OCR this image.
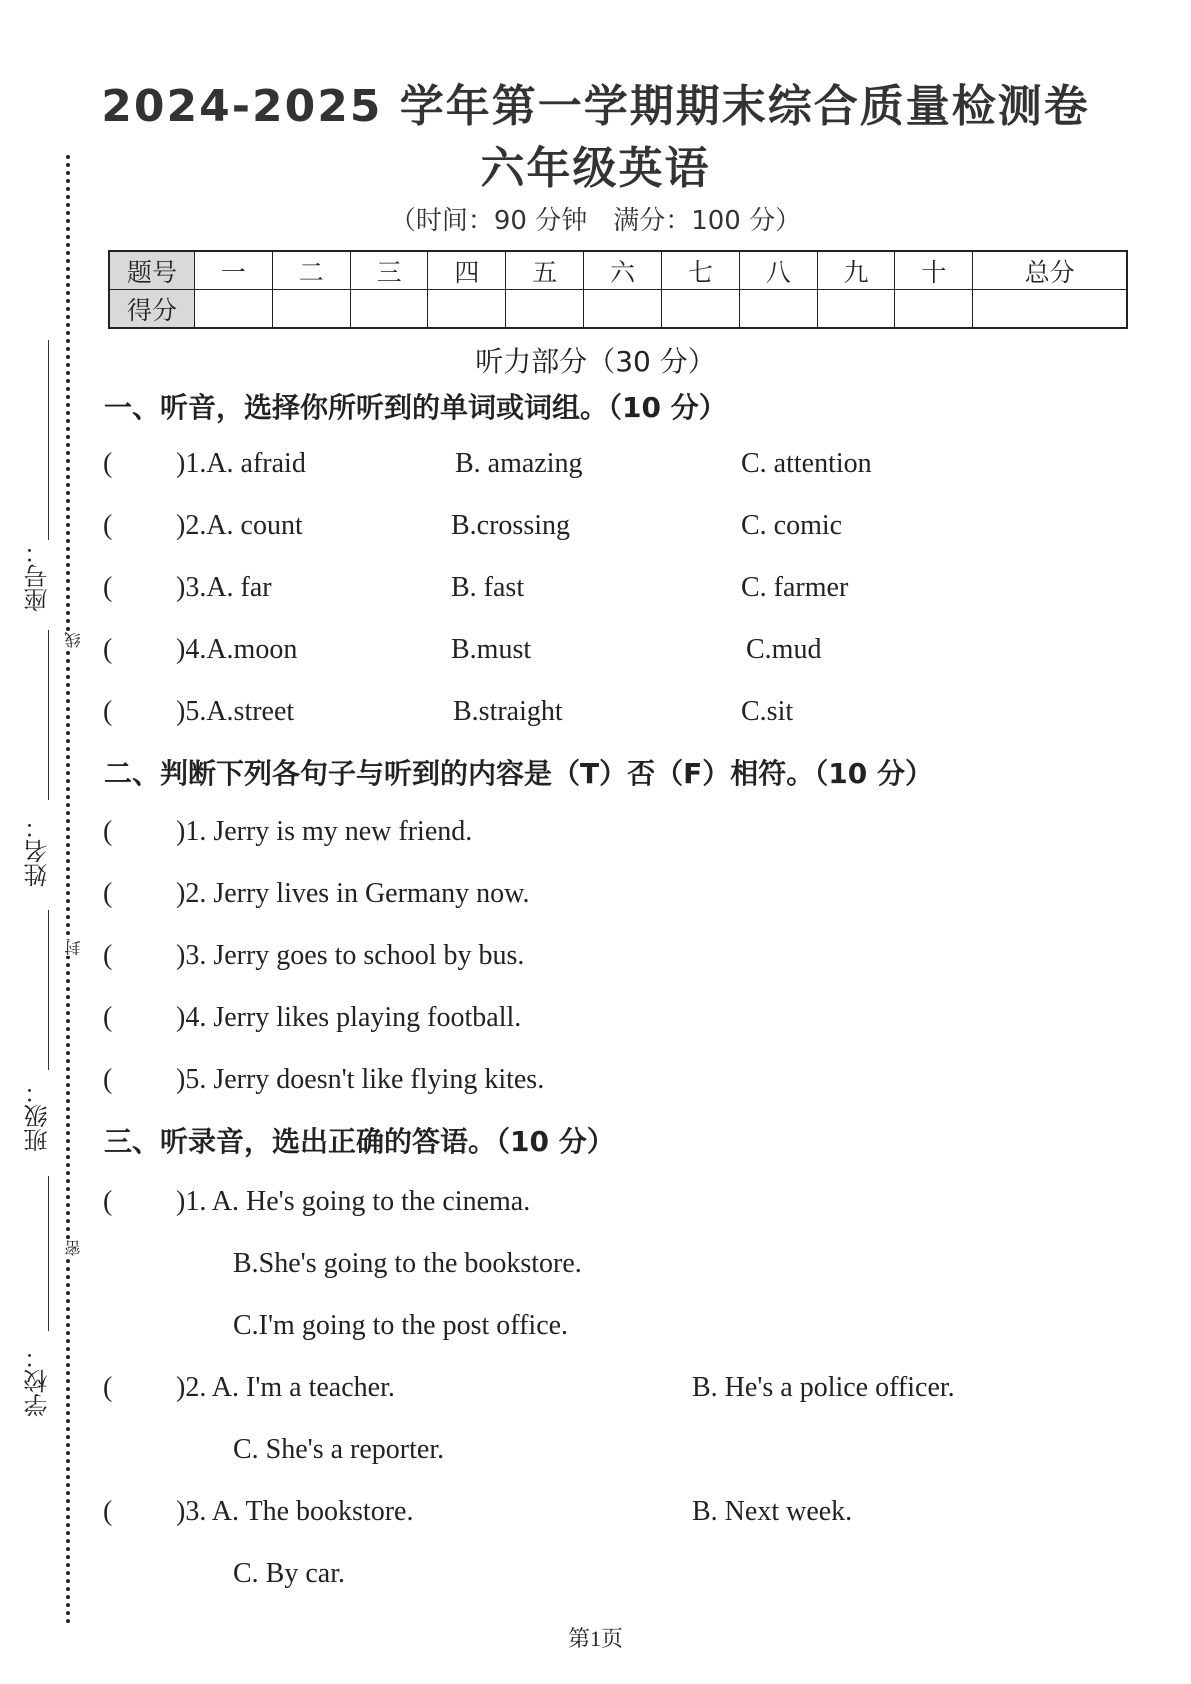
座号：
线
姓名：
封
班级：
密
学校：
2024-2025 学年第一学期期末综合质量检测卷
六年级英语
（时间：90 分钟　满分：100 分）
题号	一	二	三	四	五	六	七	八	九	十	总分
得分											
听力部分（30 分）
一、听音，选择你所听到的单词或词组。（10 分）
( )1.A. afraid	B. amazing	C. attention
( )2.A. count	B.crossing	C. comic
( )3.A. far	B. fast	C. farmer
( )4.A.moon	B.must	C.mud
( )5.A.street	B.straight	C.sit
二、判断下列各句子与听到的内容是（T）否（F）相符。（10 分）
( )1. Jerry is my new friend.
( )2. Jerry lives in Germany now.
( )3. Jerry goes to school by bus.
( )4. Jerry likes playing football.
( )5. Jerry doesn't like flying kites.
三、听录音，选出正确的答语。（10 分）
( )1. A. He's going to the cinema.
B.She's going to the bookstore.
C.I'm going to the post office.
( )2. A. I'm a teacher.	B. He's a police officer.
C. She's a reporter.
( )3. A. The bookstore.	B. Next week.
C. By car.
第1页
